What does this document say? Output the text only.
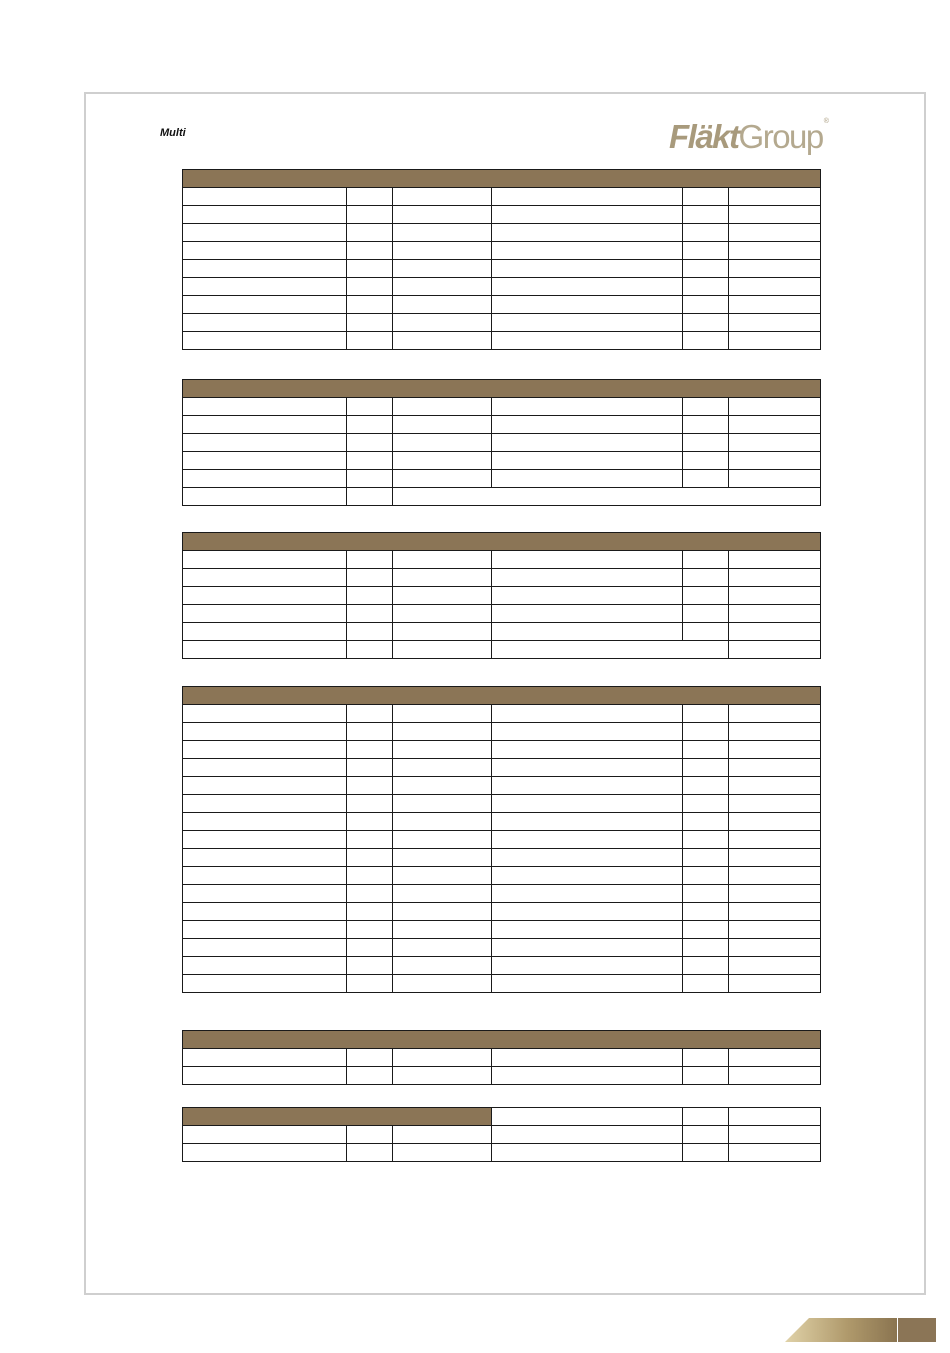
Multi	FläktGroup®
